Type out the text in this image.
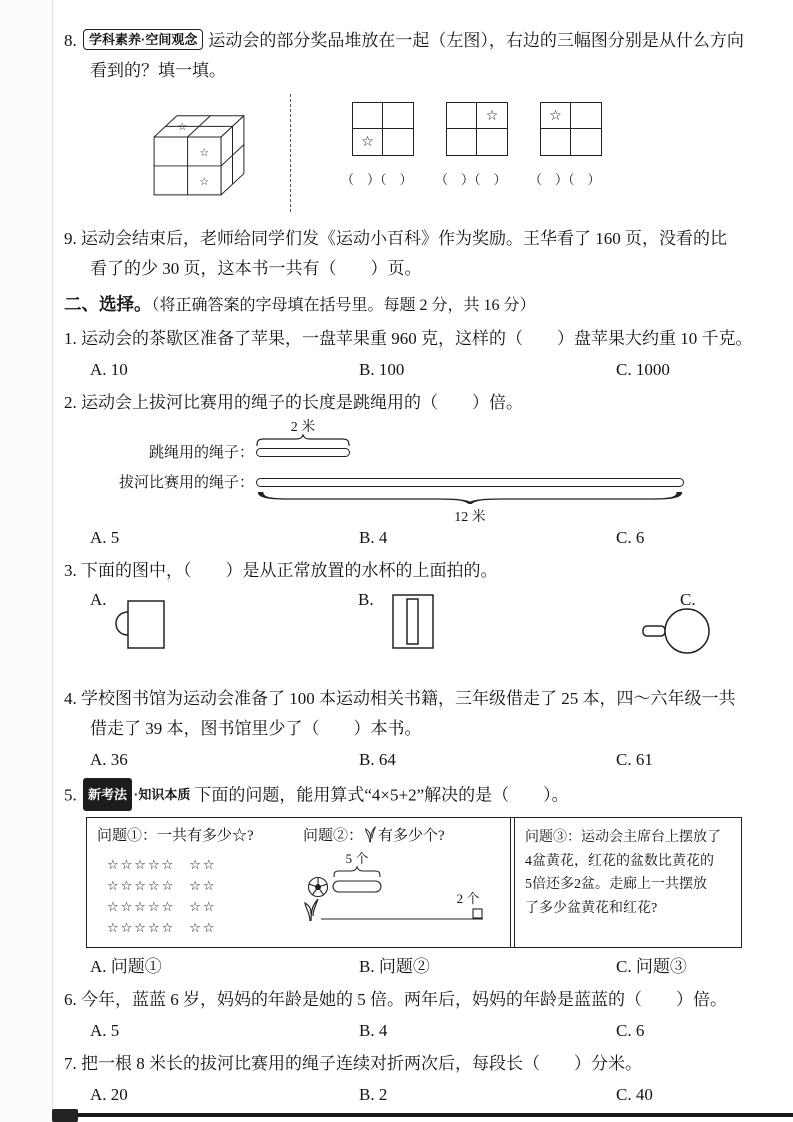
8. 学科素养·空间观念 运动会的部分奖品堆放在一起（左图），右边的三幅图分别是从什么方向
看到的？填一填。
☆
☆
☆
☆
（　）（　）
☆
（　）（　）
☆
（　）（　）
9. 运动会结束后，老师给同学们发《运动小百科》作为奖励。王华看了 160 页，没看的比
看了的少 30 页，这本书一共有（　　）页。
二、选择。（将正确答案的字母填在括号里。每题 2 分，共 16 分）
1. 运动会的茶歇区准备了苹果，一盘苹果重 960 克，这样的（　　）盘苹果大约重 10 千克。
A. 10	B. 100	C. 1000
2. 运动会上拔河比赛用的绳子的长度是跳绳用的（　　）倍。
2 米
跳绳用的绳子：
拔河比赛用的绳子：
12 米
A. 5	B. 4	C. 6
3. 下面的图中，（　　）是从正常放置的水杯的上面拍的。
A.	B.	C.
4. 学校图书馆为运动会准备了 100 本运动相关书籍，三年级借走了 25 本，四～六年级一共
借走了 39 本，图书馆里少了（　　）本书。
A. 36	B. 64	C. 61
5. 新考法 ·知识本质 下面的问题，能用算式“4×5+2”解决的是（　　）。
问题①：一共有多少☆?
☆☆☆☆☆ ☆☆
☆☆☆☆☆ ☆☆
☆☆☆☆☆ ☆☆
☆☆☆☆☆ ☆☆
问题②： 有多少个?
5 个
2 个
问题③：运动会主席台上摆放了
4盆黄花，红花的盆数比黄花的
5倍还多2盆。走廊上一共摆放
了多少盆黄花和红花?
A. 问题①	B. 问题②	C. 问题③
6. 今年，蓝蓝 6 岁，妈妈的年龄是她的 5 倍。两年后，妈妈的年龄是蓝蓝的（　　）倍。
A. 5	B. 4	C. 6
7. 把一根 8 米长的拔河比赛用的绳子连续对折两次后，每段长（　　）分米。
A. 20	B. 2	C. 40
